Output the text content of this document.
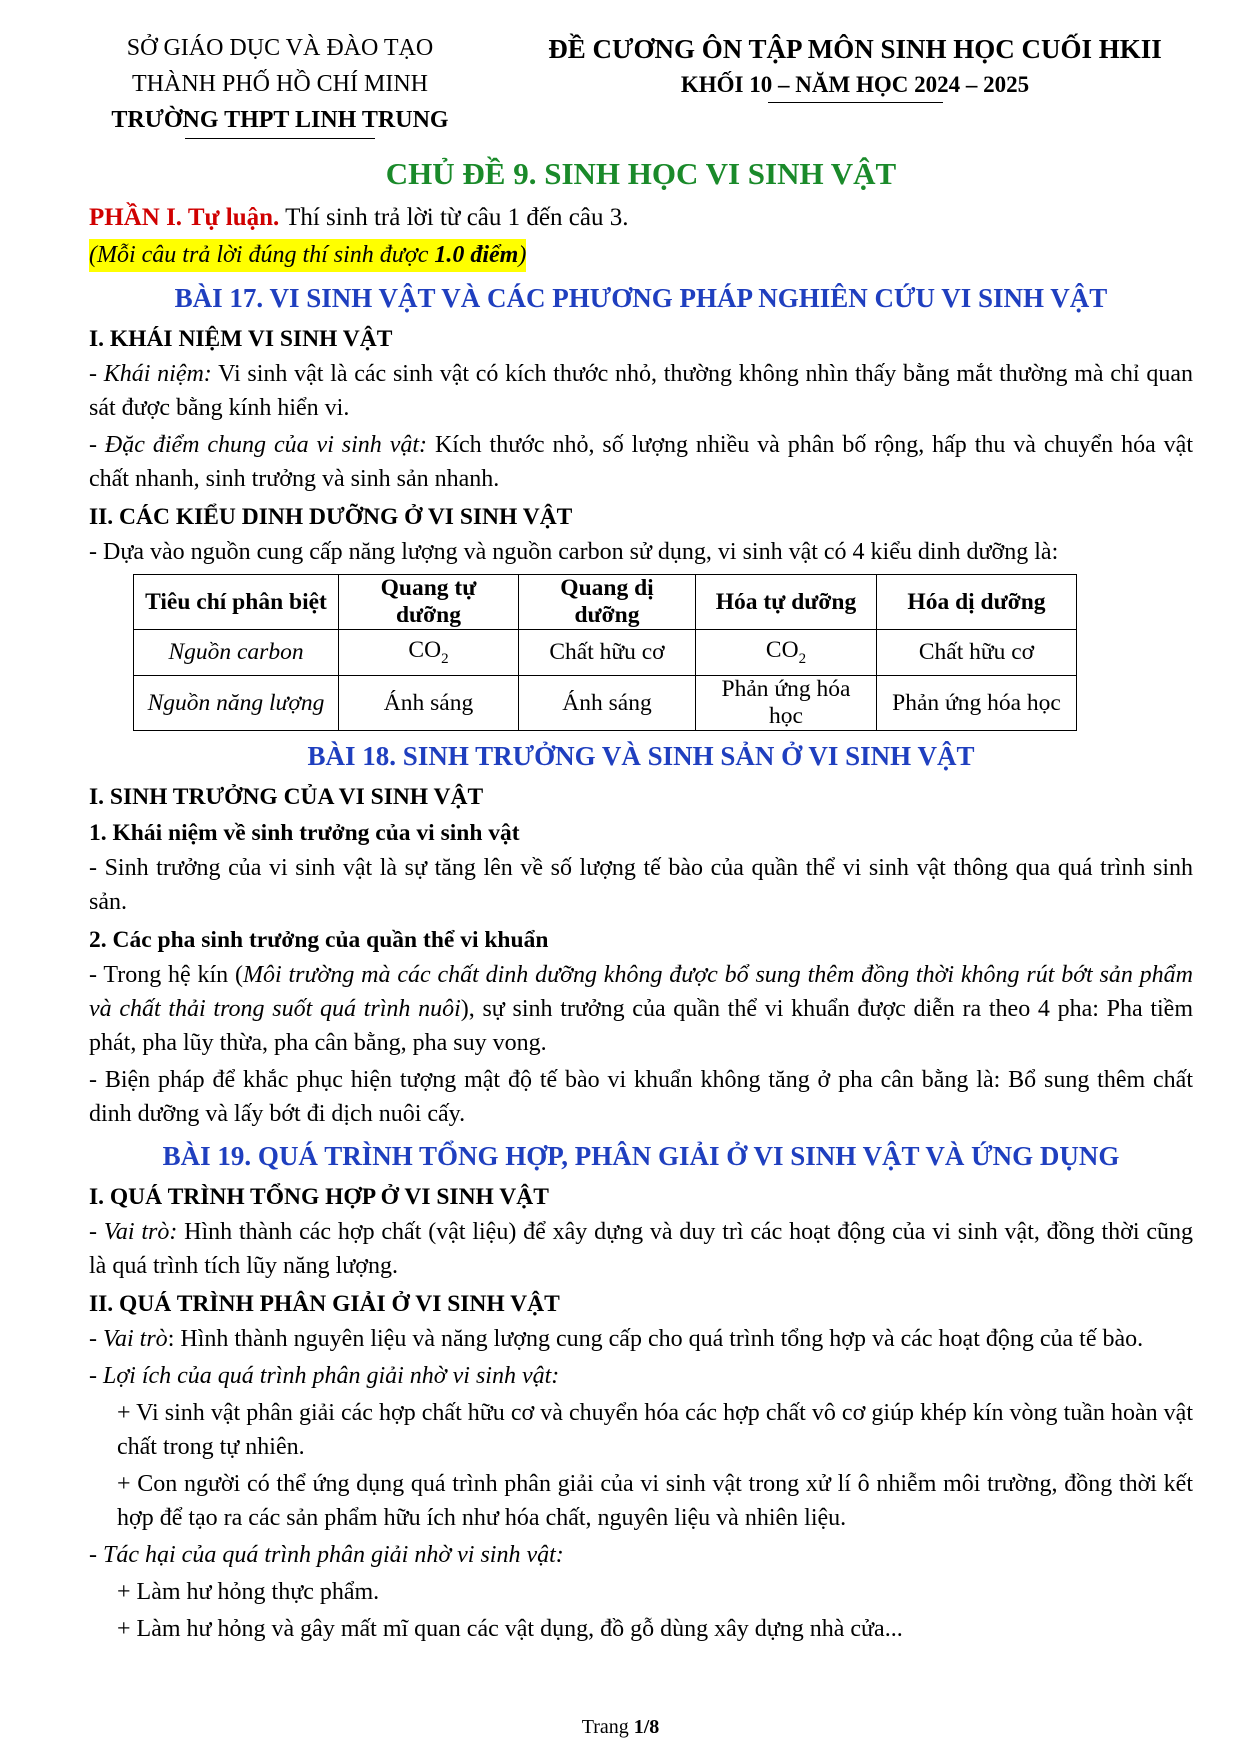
SỞ GIÁO DỤC VÀ ĐÀO TẠO
THÀNH PHỐ HỒ CHÍ MINH
TRƯỜNG THPT LINH TRUNG
ĐỀ CƯƠNG ÔN TẬP MÔN SINH HỌC CUỐI HKII
KHỐI 10 – NĂM HỌC 2024 – 2025
CHỦ ĐỀ 9. SINH HỌC VI SINH VẬT

PHẦN I. Tự luận. Thí sinh trả lời từ câu 1 đến câu 3.

(Mỗi câu trả lời đúng thí sinh được 1.0 điểm)

BÀI 17. VI SINH VẬT VÀ CÁC PHƯƠNG PHÁP NGHIÊN CỨU VI SINH VẬT
I. KHÁI NIỆM VI SINH VẬT

- Khái niệm: Vi sinh vật là các sinh vật có kích thước nhỏ, thường không nhìn thấy bằng mắt thường mà chỉ quan sát được bằng kính hiển vi.

- Đặc điểm chung của vi sinh vật: Kích thước nhỏ, số lượng nhiều và phân bố rộng, hấp thu và chuyển hóa vật chất nhanh, sinh trưởng và sinh sản nhanh.

II. CÁC KIỂU DINH DƯỠNG Ở VI SINH VẬT

- Dựa vào nguồn cung cấp năng lượng và nguồn carbon sử dụng, vi sinh vật có 4 kiểu dinh dưỡng là:

Tiêu chí phân biệt	Quang tự dưỡng	Quang dị dưỡng	Hóa tự dưỡng	Hóa dị dưỡng
Nguồn carbon	$CO_2$	Chất hữu cơ	$CO_2$	Chất hữu cơ
Nguồn năng lượng	Ánh sáng	Ánh sáng	Phản ứng hóa học	Phản ứng hóa học
BÀI 18. SINH TRƯỞNG VÀ SINH SẢN Ở VI SINH VẬT
I. SINH TRƯỞNG CỦA VI SINH VẬT
1. Khái niệm về sinh trưởng của vi sinh vật

- Sinh trưởng của vi sinh vật là sự tăng lên về số lượng tế bào của quần thể vi sinh vật thông qua quá trình sinh sản.

2. Các pha sinh trưởng của quần thể vi khuẩn

- Trong hệ kín (Môi trường mà các chất dinh dưỡng không được bổ sung thêm đồng thời không rút bớt sản phẩm và chất thải trong suốt quá trình nuôi), sự sinh trưởng của quần thể vi khuẩn được diễn ra theo 4 pha: Pha tiềm phát, pha lũy thừa, pha cân bằng, pha suy vong.

- Biện pháp để khắc phục hiện tượng mật độ tế bào vi khuẩn không tăng ở pha cân bằng là: Bổ sung thêm chất dinh dưỡng và lấy bớt đi dịch nuôi cấy.

BÀI 19. QUÁ TRÌNH TỔNG HỢP, PHÂN GIẢI Ở VI SINH VẬT VÀ ỨNG DỤNG
I. QUÁ TRÌNH TỔNG HỢP Ở VI SINH VẬT

- Vai trò: Hình thành các hợp chất (vật liệu) để xây dựng và duy trì các hoạt động của vi sinh vật, đồng thời cũng là quá trình tích lũy năng lượng.

II. QUÁ TRÌNH PHÂN GIẢI Ở VI SINH VẬT

- Vai trò: Hình thành nguyên liệu và năng lượng cung cấp cho quá trình tổng hợp và các hoạt động của tế bào.

- Lợi ích của quá trình phân giải nhờ vi sinh vật:

+ Vi sinh vật phân giải các hợp chất hữu cơ và chuyển hóa các hợp chất vô cơ giúp khép kín vòng tuần hoàn vật chất trong tự nhiên.

+ Con người có thể ứng dụng quá trình phân giải của vi sinh vật trong xử lí ô nhiễm môi trường, đồng thời kết hợp để tạo ra các sản phẩm hữu ích như hóa chất, nguyên liệu và nhiên liệu.

- Tác hại của quá trình phân giải nhờ vi sinh vật:

+ Làm hư hỏng thực phẩm.

+ Làm hư hỏng và gây mất mĩ quan các vật dụng, đồ gỗ dùng xây dựng nhà cửa...

Trang 1/8
